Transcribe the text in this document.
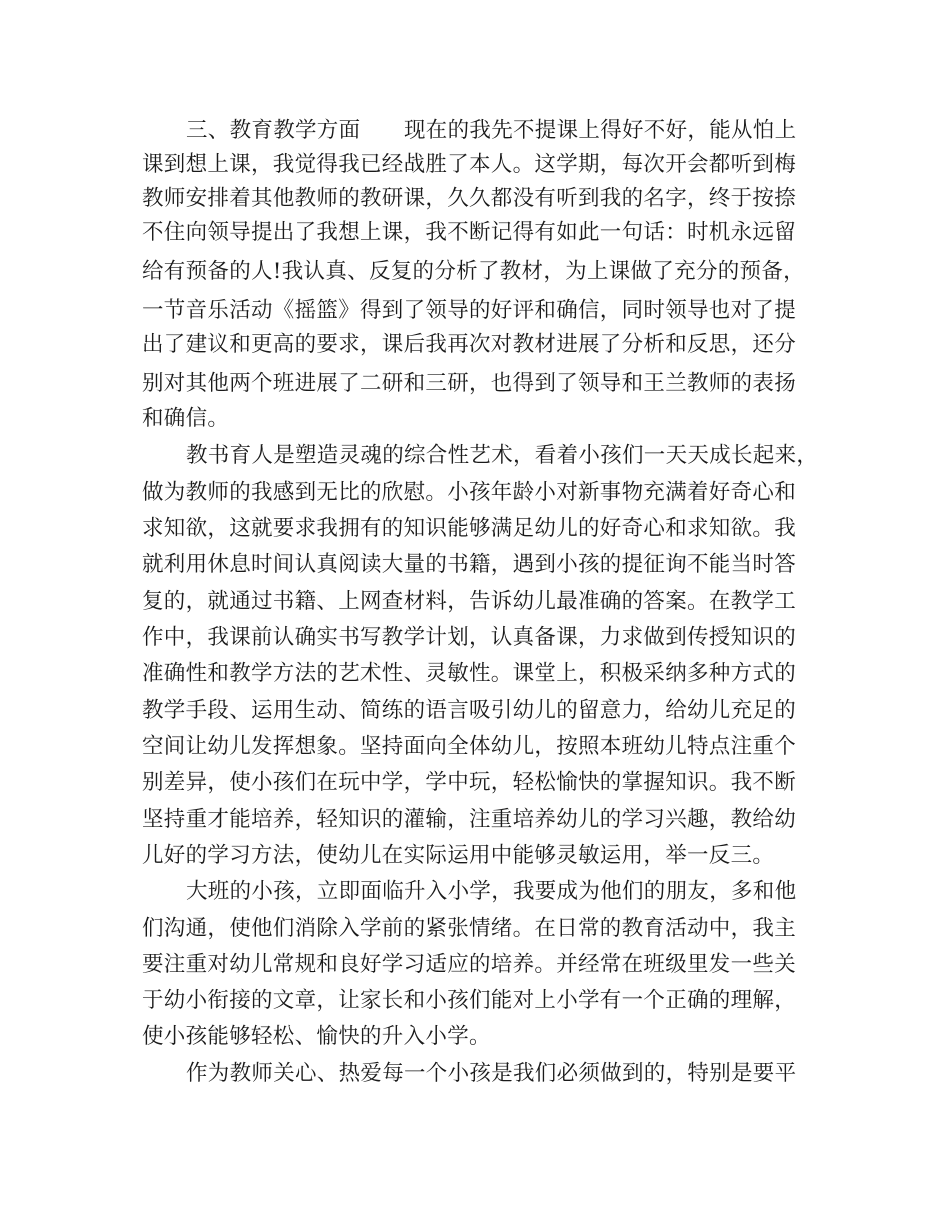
三、教育教学方面　　现在的我先不提课上得好不好，能从怕上
课到想上课，我觉得我已经战胜了本人。这学期，每次开会都听到梅
教师安排着其他教师的教研课，久久都没有听到我的名字，终于按捺
不住向领导提出了我想上课，我不断记得有如此一句话：时机永远留
给有预备的人!我认真、反复的分析了教材，为上课做了充分的预备，
一节音乐活动《摇篮》得到了领导的好评和确信，同时领导也对了提
出了建议和更高的要求，课后我再次对教材进展了分析和反思，还分
别对其他两个班进展了二研和三研，也得到了领导和王兰教师的表扬
和确信。
教书育人是塑造灵魂的综合性艺术，看着小孩们一天天成长起来，
做为教师的我感到无比的欣慰。小孩年龄小对新事物充满着好奇心和
求知欲，这就要求我拥有的知识能够满足幼儿的好奇心和求知欲。我
就利用休息时间认真阅读大量的书籍，遇到小孩的提征询不能当时答
复的，就通过书籍、上网查材料，告诉幼儿最准确的答案。在教学工
作中，我课前认确实书写教学计划，认真备课，力求做到传授知识的
准确性和教学方法的艺术性、灵敏性。课堂上，积极采纳多种方式的
教学手段、运用生动、简练的语言吸引幼儿的留意力，给幼儿充足的
空间让幼儿发挥想象。坚持面向全体幼儿，按照本班幼儿特点注重个
别差异，使小孩们在玩中学，学中玩，轻松愉快的掌握知识。我不断
坚持重才能培养，轻知识的灌输，注重培养幼儿的学习兴趣，教给幼
儿好的学习方法，使幼儿在实际运用中能够灵敏运用，举一反三。
大班的小孩，立即面临升入小学，我要成为他们的朋友，多和他
们沟通，使他们消除入学前的紧张情绪。在日常的教育活动中，我主
要注重对幼儿常规和良好学习适应的培养。并经常在班级里发一些关
于幼小衔接的文章，让家长和小孩们能对上小学有一个正确的理解，
使小孩能够轻松、愉快的升入小学。
作为教师关心、热爱每一个小孩是我们必须做到的，特别是要平
